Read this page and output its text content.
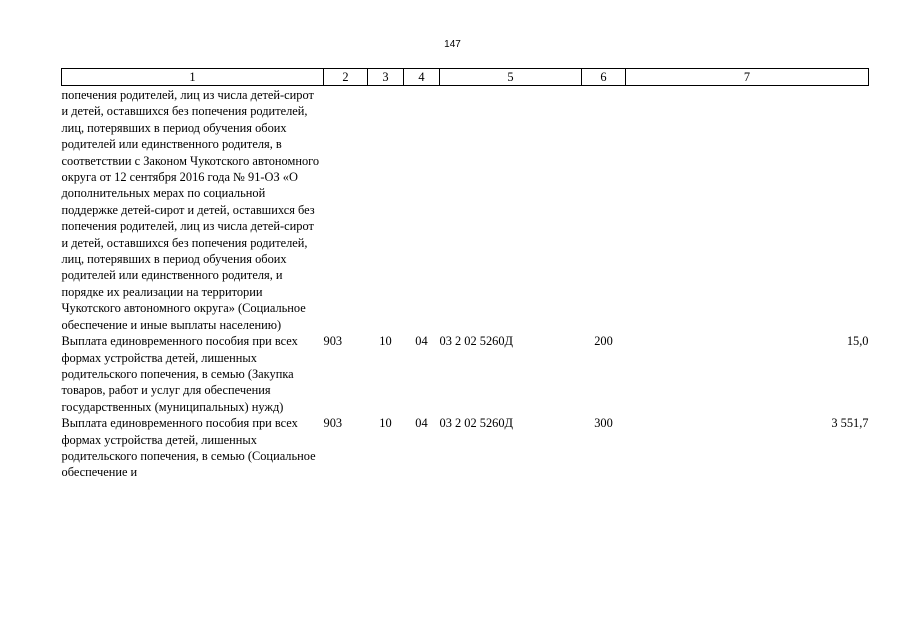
147
1	2	3	4	5	6	7
попечения родителей, лиц из числа детей-сирот и детей, оставшихся без попечения родителей, лиц, потерявших в период обучения обоих родителей или единственного родителя, в соответствии с Законом Чукотского автономного округа от 12 сентября 2016 года № 91-ОЗ «О дополнительных мерах по социальной поддержке детей-сирот и детей, оставшихся без попечения родителей, лиц из числа детей-сирот и детей, оставшихся без попечения родителей, лиц, потерявших в период обучения обоих родителей или единственного родителя, и порядке их реализации на территории Чукотского автономного округа» (Социальное обеспечение и иные выплаты населению)						
Выплата единовременного пособия при всех формах устройства детей, лишенных родительского попечения, в семью (Закупка товаров, работ и услуг для обеспечения государственных (муниципальных) нужд)	903	10	04	03 2 02 5260Д	200	15,0
Выплата единовременного пособия при всех формах устройства детей, лишенных родительского попечения, в семью (Социальное обеспечение и	903	10	04	03 2 02 5260Д	300	3 551,7
